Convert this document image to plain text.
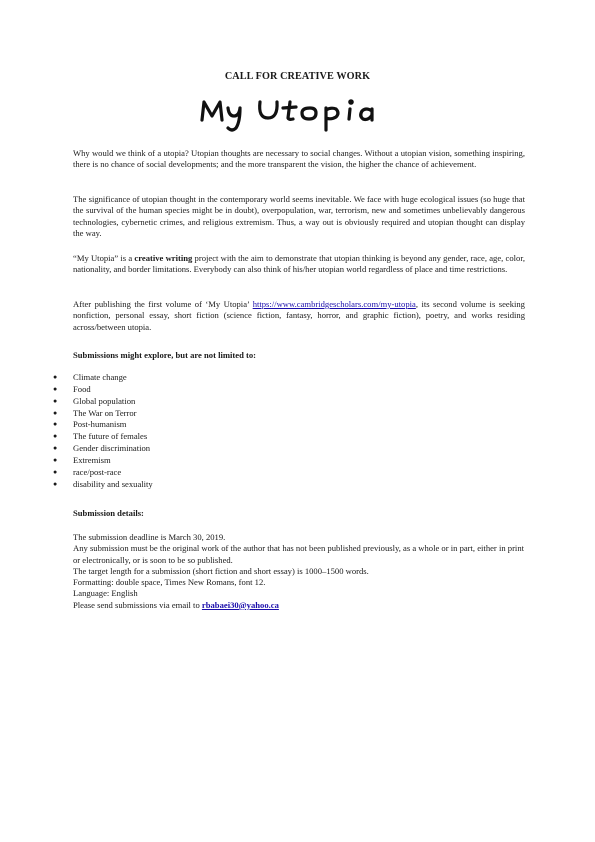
CALL FOR CREATIVE WORK

Why would we think of a utopia? Utopian thoughts are necessary to social changes. Without a utopian vision, something inspiring, there is no chance of social developments; and the more transparent the vision, the higher the chance of achievement.

The significance of utopian thought in the contemporary world seems inevitable. We face with huge ecological issues (so huge that the survival of the human species might be in doubt), overpopulation, war, terrorism, new and sometimes unbelievably dangerous technologies, cybernetic crimes, and religious extremism. Thus, a way out is obviously required and utopian thought can display the way.

“My Utopia” is a creative writing project with the aim to demonstrate that utopian thinking is beyond any gender, race, age, color, nationality, and border limitations. Everybody can also think of his/her utopian world regardless of place and time restrictions.

After publishing the first volume of ‘My Utopia’ https://www.cambridgescholars.com/my-utopia, its second volume is seeking nonfiction, personal essay, short fiction (science fiction, fantasy, horror, and graphic fiction), poetry, and works residing across/between utopia.

Submissions might explore, but are not limited to:
● Climate change
● Food
● Global population
● The War on Terror
● Post-humanism
● The future of females
● Gender discrimination
● Extremism
● race/post-race
● disability and sexuality
Submission details:
The submission deadline is March 30, 2019.
Any submission must be the original work of the author that has not been published previously, as a whole or in part, either in print or electronically, or is soon to be so published.
The target length for a submission (short fiction and short essay) is 1000–1500 words.
Formatting: double space, Times New Romans, font 12.
Language: English
Please send submissions via email to rbabaei30@yahoo.ca
